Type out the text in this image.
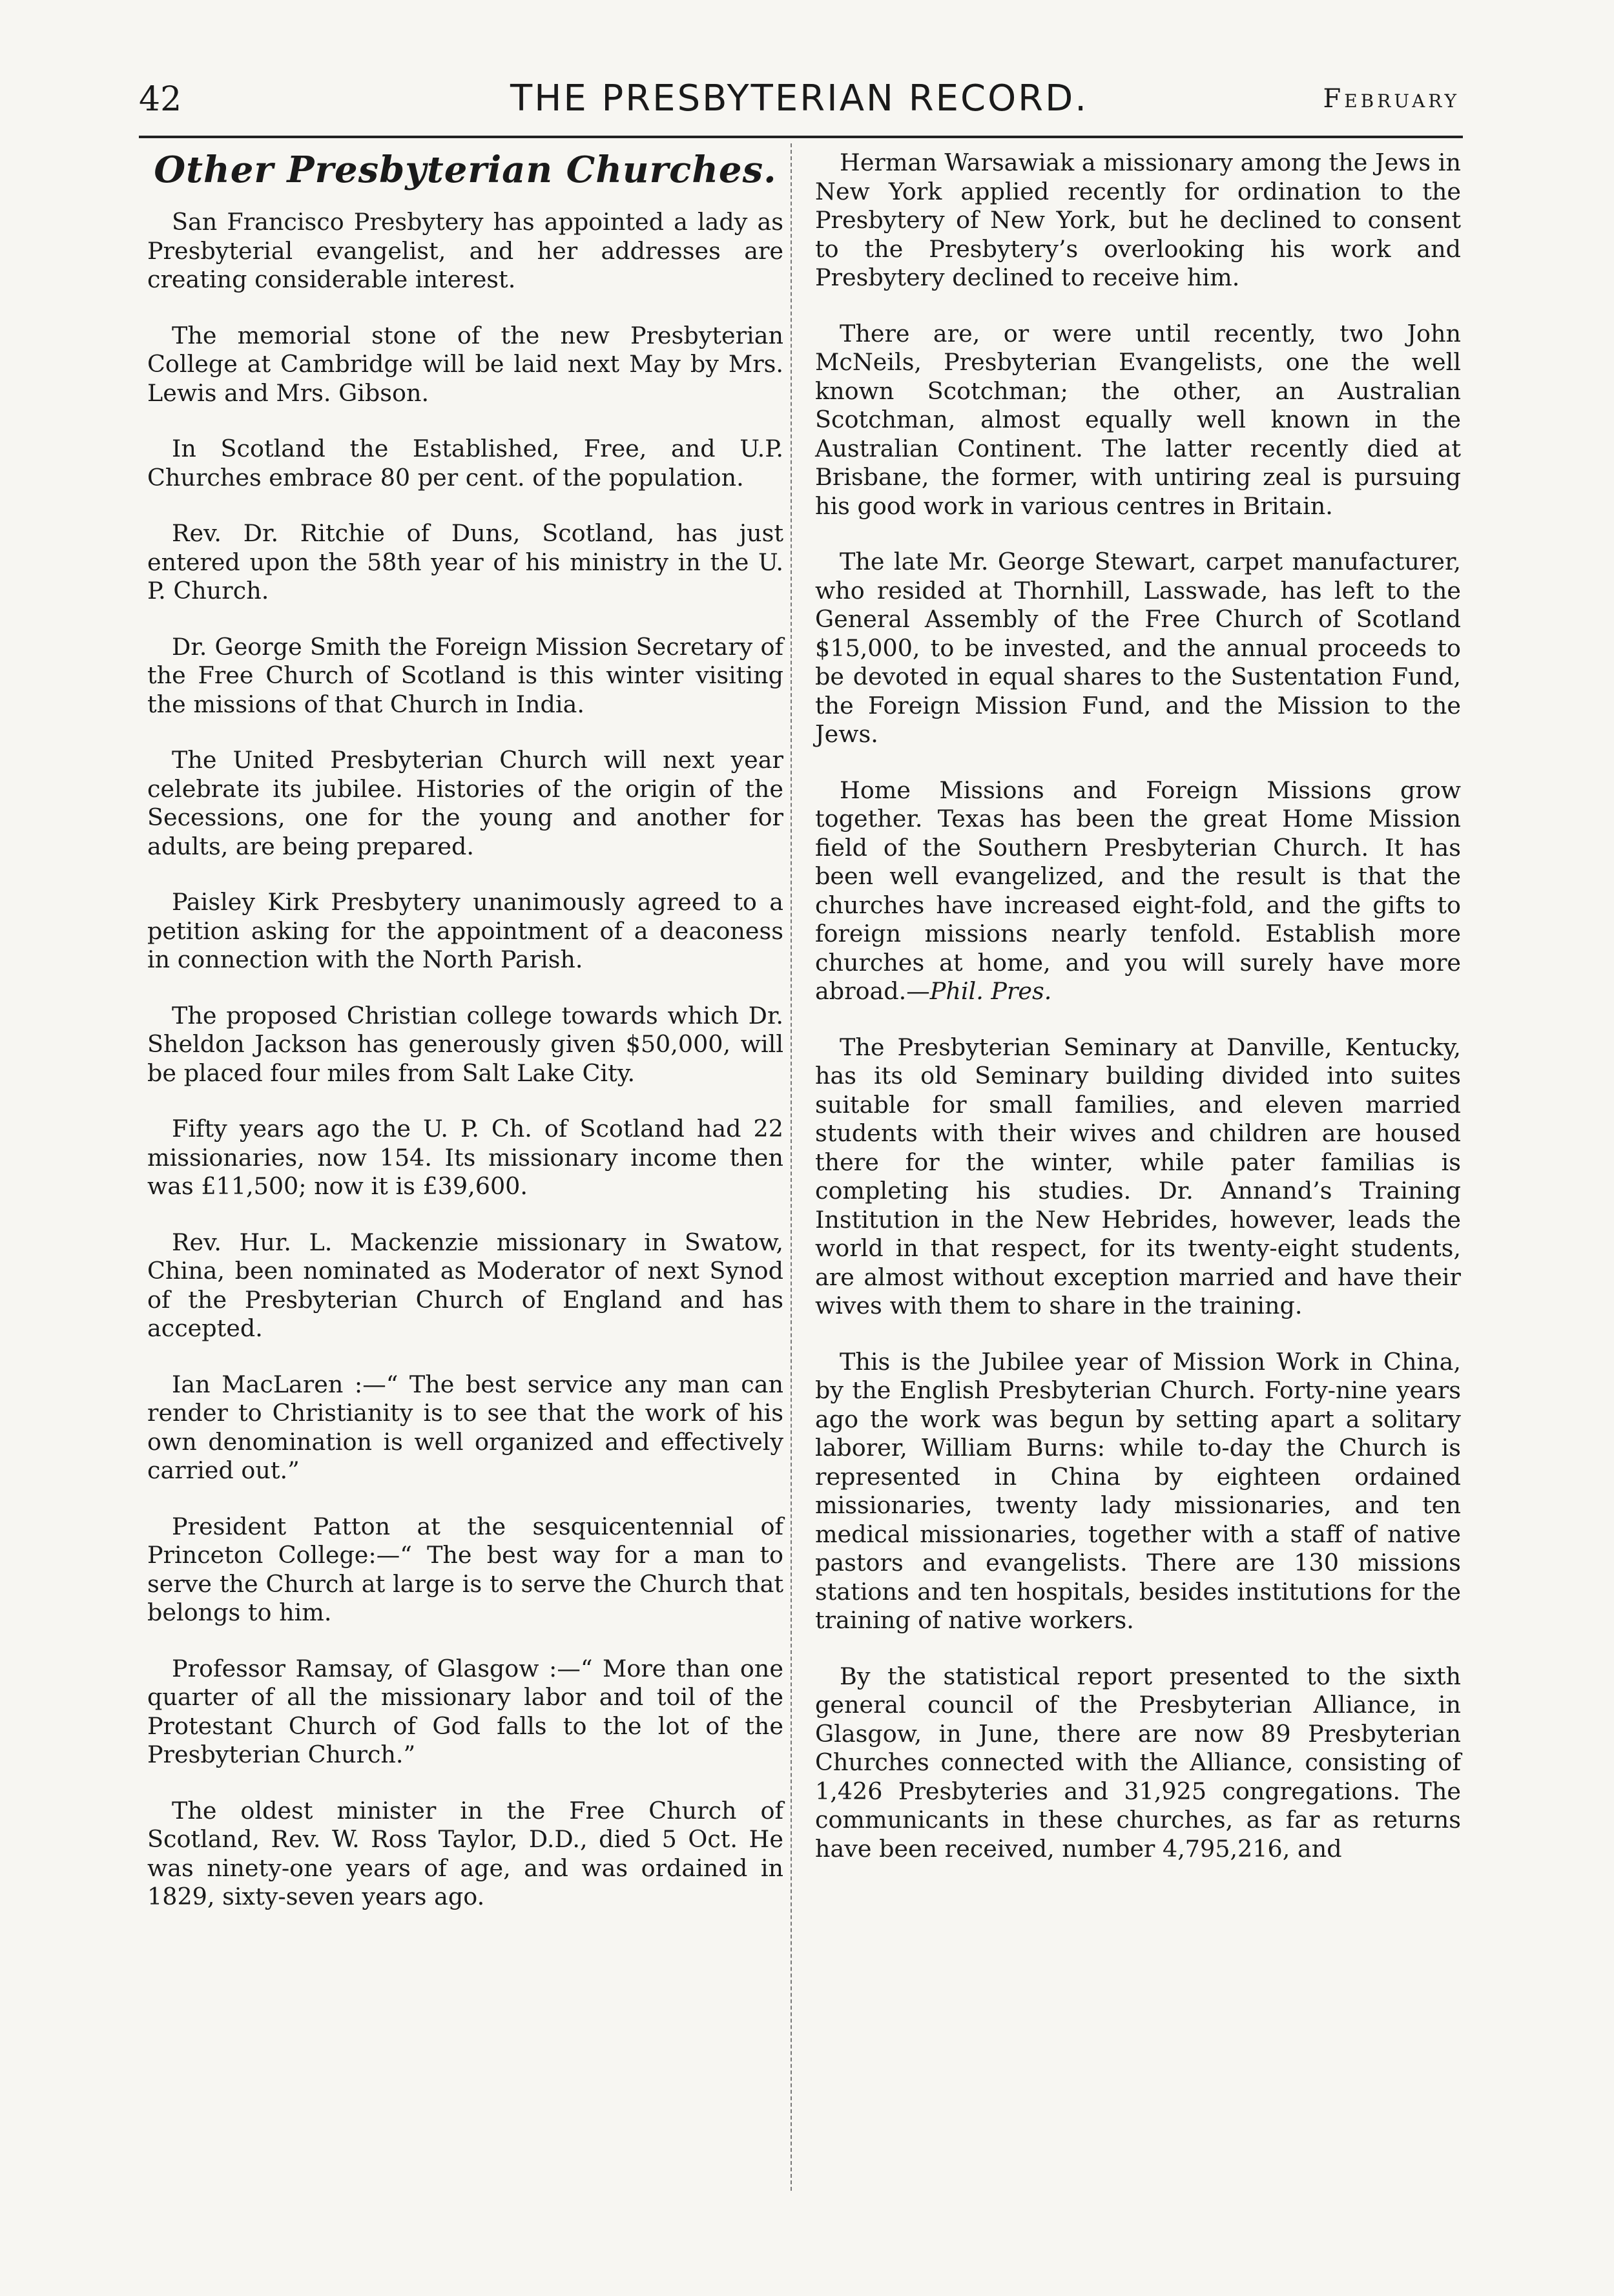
42	THE PRESBYTERIAN RECORD.	February
Other Presbyterian Churches.

San Francisco Presbytery has appointed a lady as Presbyterial evangelist, and her addresses are creating considerable interest.

The memorial stone of the new Presbyterian College at Cambridge will be laid next May by Mrs. Lewis and Mrs. Gibson.

In Scotland the Established, Free, and U.P. Churches embrace 80 per cent. of the population.

Rev. Dr. Ritchie of Duns, Scotland, has just entered upon the 58th year of his ministry in the U. P. Church.

Dr. George Smith the Foreign Mission Secretary of the Free Church of Scotland is this winter visiting the missions of that Church in India.

The United Presbyterian Church will next year celebrate its jubilee. Histories of the origin of the Secessions, one for the young and another for adults, are being prepared.

Paisley Kirk Presbytery unanimously agreed to a petition asking for the appointment of a deaconess in connection with the North Parish.

The proposed Christian college towards which Dr. Sheldon Jackson has generously given $50,000, will be placed four miles from Salt Lake City.

Fifty years ago the U. P. Ch. of Scotland had 22 missionaries, now 154. Its missionary income then was £11,500; now it is £39,600.

Rev. Hur. L. Mackenzie missionary in Swatow, China, been nominated as Moderator of next Synod of the Presbyterian Church of England and has accepted.

Ian MacLaren :—“ The best service any man can render to Christianity is to see that the work of his own denomination is well organized and effectively carried out.”

President Patton at the sesquicentennial of Princeton College:—“ The best way for a man to serve the Church at large is to serve the Church that belongs to him.

Professor Ramsay, of Glasgow :—“ More than one quarter of all the missionary labor and toil of the Protestant Church of God falls to the lot of the Presbyterian Church.”

The oldest minister in the Free Church of Scotland, Rev. W. Ross Taylor, D.D., died 5 Oct. He was ninety-one years of age, and was ordained in 1829, sixty-seven years ago.

Herman Warsawiak a missionary among the Jews in New York applied recently for ordination to the Presbytery of New York, but he declined to consent to the Presbytery’s overlooking his work and Presbytery declined to receive him.

There are, or were until recently, two John McNeils, Presbyterian Evangelists, one the well known Scotchman; the other, an Australian Scotchman, almost equally well known in the Australian Continent. The latter recently died at Brisbane, the former, with untiring zeal is pursuing his good work in various centres in Britain.

The late Mr. George Stewart, carpet manufacturer, who resided at Thornhill, Lasswade, has left to the General Assembly of the Free Church of Scotland $15,000, to be invested, and the annual proceeds to be devoted in equal shares to the Sustentation Fund, the Foreign Mission Fund, and the Mission to the Jews.

Home Missions and Foreign Missions grow together. Texas has been the great Home Mission field of the Southern Presbyterian Church. It has been well evangelized, and the result is that the churches have increased eight-fold, and the gifts to foreign missions nearly tenfold. Establish more churches at home, and you will surely have more abroad.—Phil. Pres.

The Presbyterian Seminary at Danville, Kentucky, has its old Seminary building divided into suites suitable for small families, and eleven married students with their wives and children are housed there for the winter, while pater familias is completing his studies. Dr. Annand’s Training Institution in the New Hebrides, however, leads the world in that respect, for its twenty-eight students, are almost without exception married and have their wives with them to share in the training.

This is the Jubilee year of Mission Work in China, by the English Presbyterian Church. Forty-nine years ago the work was begun by setting apart a solitary laborer, William Burns: while to-day the Church is represented in China by eighteen ordained missionaries, twenty lady missionaries, and ten medical missionaries, together with a staff of native pastors and evangelists. There are 130 missions stations and ten hospitals, besides institutions for the training of native workers.

By the statistical report presented to the sixth general council of the Presbyterian Alliance, in Glasgow, in June, there are now 89 Presbyterian Churches connected with the Alliance, consisting of 1,426 Presbyteries and 31,925 congregations. The communicants in these churches, as far as returns have been received, number 4,795,216, and
